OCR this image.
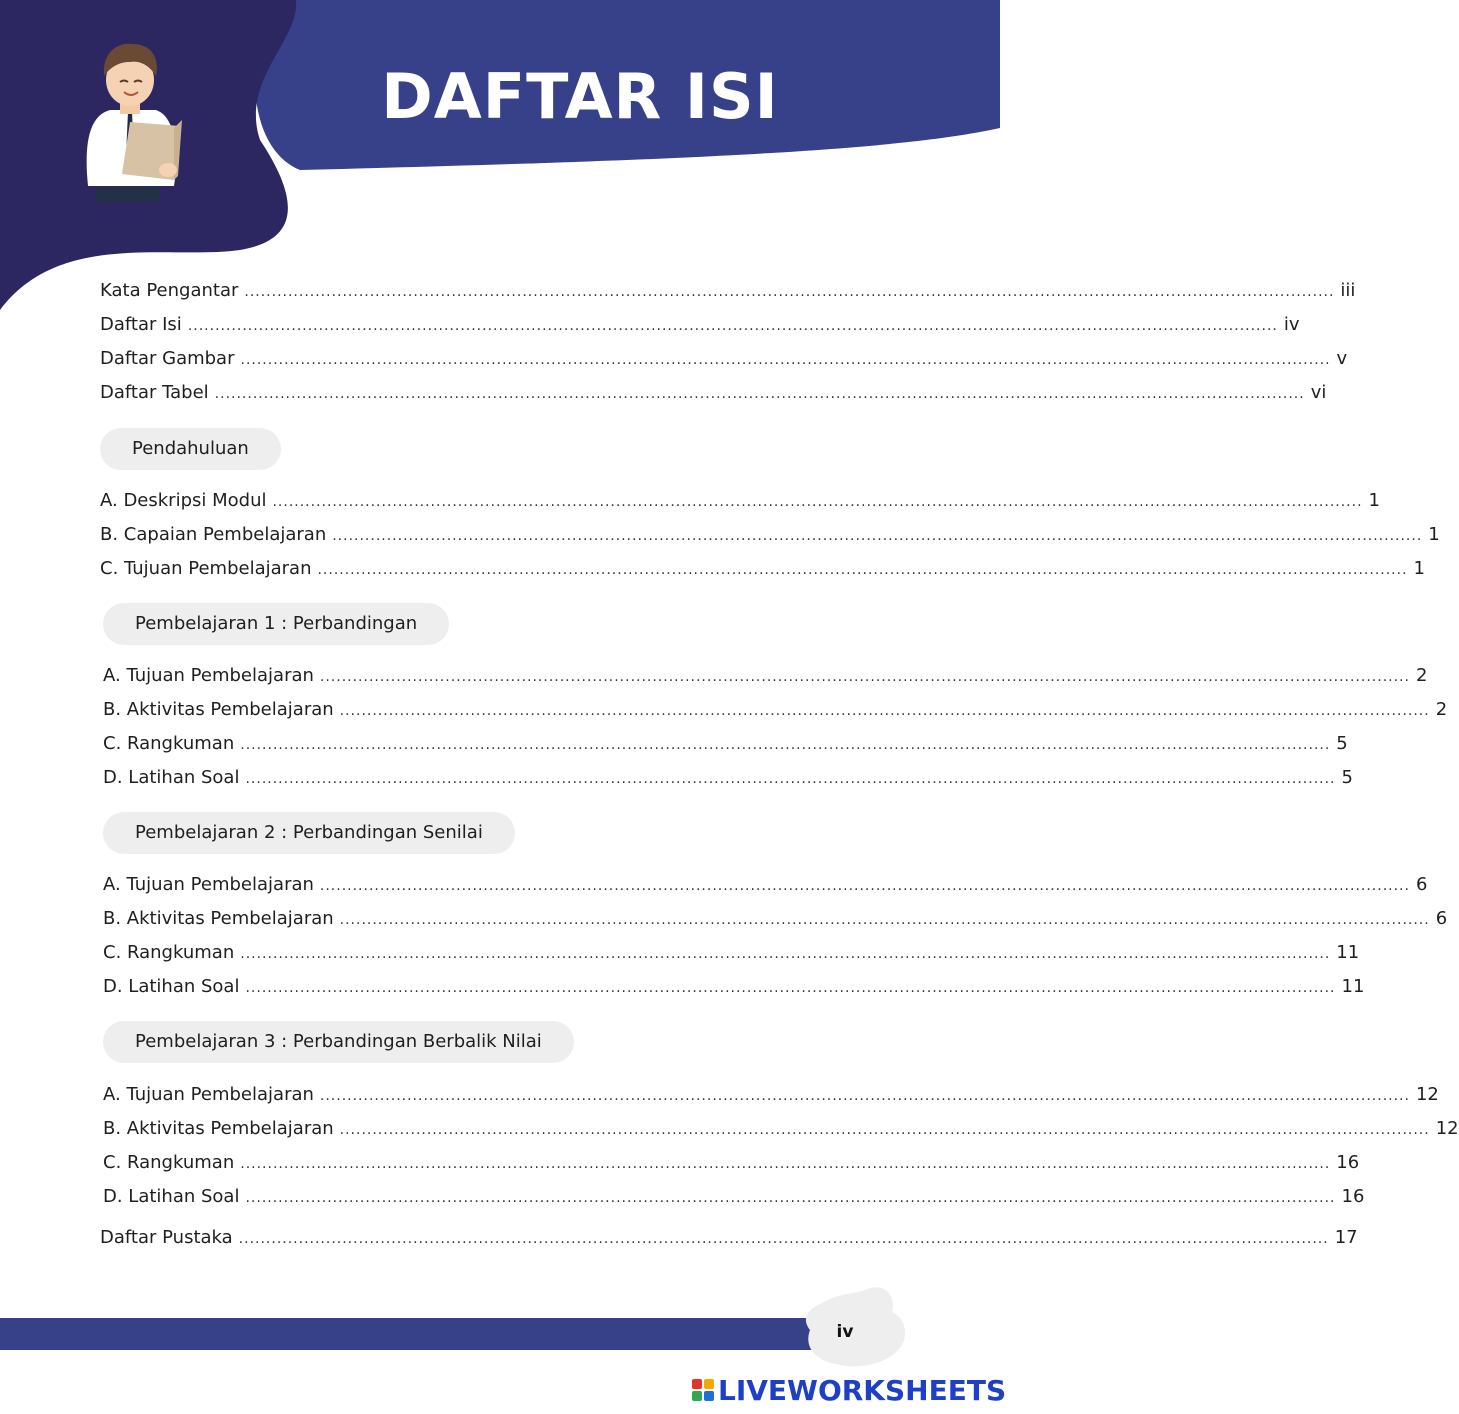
DAFTAR ISI
Kata Pengantar ........................................................................................................................................................................................................ iii
Daftar Isi ........................................................................................................................................................................................................ iv
Daftar Gambar ........................................................................................................................................................................................................ v
Daftar Tabel ........................................................................................................................................................................................................ vi
Pendahuluan
A. Deskripsi Modul ........................................................................................................................................................................................................ 1
B. Capaian Pembelajaran ........................................................................................................................................................................................................ 1
C. Tujuan Pembelajaran ........................................................................................................................................................................................................ 1
Pembelajaran 1 : Perbandingan
A. Tujuan Pembelajaran ........................................................................................................................................................................................................ 2
B. Aktivitas Pembelajaran ........................................................................................................................................................................................................ 2
C. Rangkuman ........................................................................................................................................................................................................ 5
D. Latihan Soal ........................................................................................................................................................................................................ 5
Pembelajaran 2 : Perbandingan Senilai
A. Tujuan Pembelajaran ........................................................................................................................................................................................................ 6
B. Aktivitas Pembelajaran ........................................................................................................................................................................................................ 6
C. Rangkuman ........................................................................................................................................................................................................ 11
D. Latihan Soal ........................................................................................................................................................................................................ 11
Pembelajaran 3 : Perbandingan Berbalik Nilai
A. Tujuan Pembelajaran ........................................................................................................................................................................................................ 12
B. Aktivitas Pembelajaran ........................................................................................................................................................................................................ 12
C. Rangkuman ........................................................................................................................................................................................................ 16
D. Latihan Soal ........................................................................................................................................................................................................ 16
Daftar Pustaka ........................................................................................................................................................................................................ 17
iv
LIVEWORKSHEETS
